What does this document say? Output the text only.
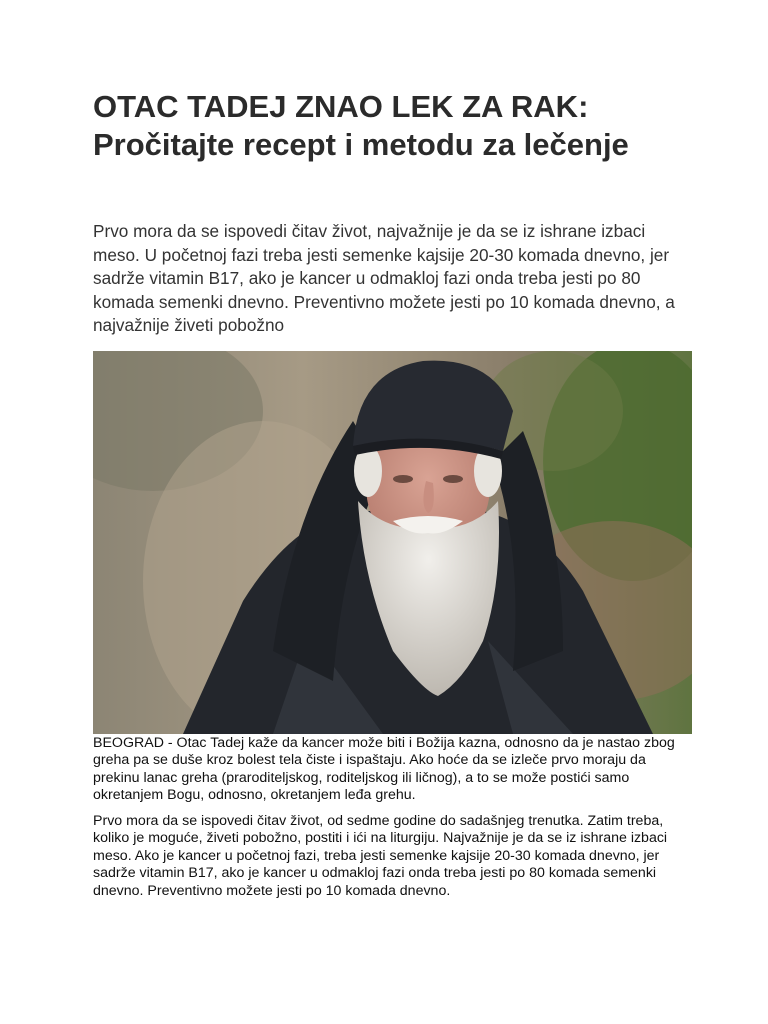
OTAC TADEJ ZNAO LEK ZA RAK: Pročitajte recept i metodu za lečenje

Prvo mora da se ispovedi čitav život, najvažnije je da se iz ishrane izbaci meso. U početnoj fazi treba jesti semenke kajsije 20-30 komada dnevno, jer sadrže vitamin B17, ako je kancer u odmakloj fazi onda treba jesti po 80 komada semenki dnevno. Preventivno možete jesti po 10 komada dnevno, a najvažnije živeti pobožno

BEOGRAD - Otac Tadej kaže da kancer može biti i Božija kazna, odnosno da je nastao zbog greha pa se duše kroz bolest tela čiste i ispaštaju. Ako hoće da se izleče prvo moraju da prekinu lanac greha (praroditeljskog, roditeljskog ili ličnog), a to se može postići samo okretanjem Bogu, odnosno, okretanjem leđa grehu.

Prvo mora da se ispovedi čitav život, od sedme godine do sadašnjeg trenutka. Zatim treba, koliko je moguće, živeti pobožno, postiti i ići na liturgiju. Najvažnije je da se iz ishrane izbaci meso. Ako je kancer u početnoj fazi, treba jesti semenke kajsije 20-30 komada dnevno, jer sadrže vitamin B17, ako je kancer u odmakloj fazi onda treba jesti po 80 komada semenki dnevno. Preventivno možete jesti po 10 komada dnevno.
